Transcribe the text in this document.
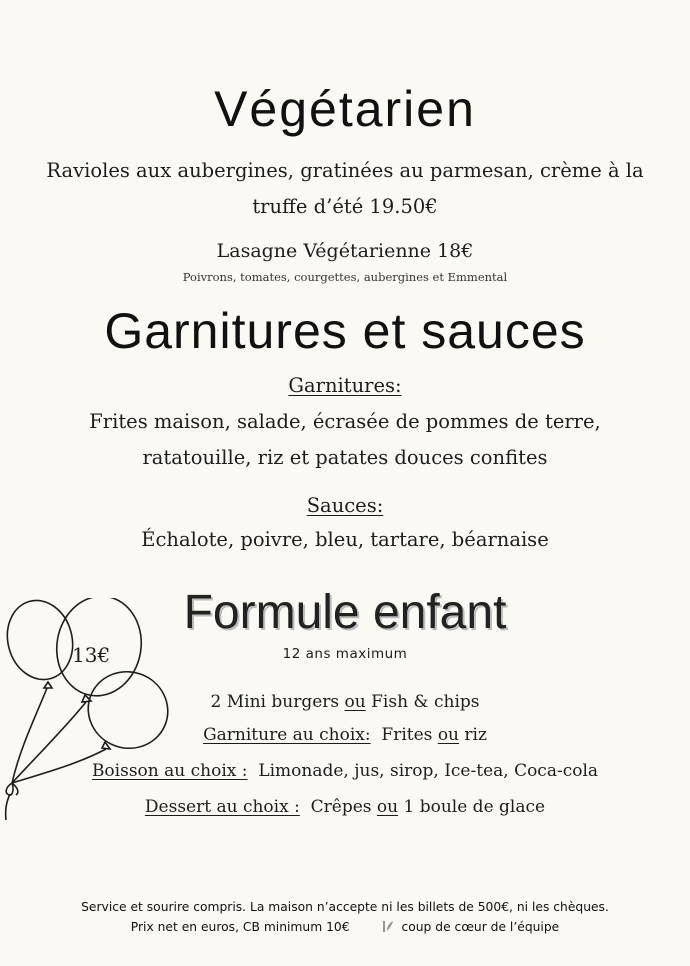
Végétarien
Ravioles aux aubergines, gratinées au parmesan, crème à la
truffe d’été 19.50€
Lasagne Végétarienne 18€
Poivrons, tomates, courgettes, aubergines et Emmental
Garnitures et sauces
Garnitures:
Frites maison, salade, écrasée de pommes de terre,
ratatouille, riz et patates douces confites
Sauces:
Échalote, poivre, bleu, tartare, béarnaise
13€
Formule enfant
12 ans maximum
2 Mini burgers ou Fish & chips
Garniture au choix: Frites ou riz
Boisson au choix : Limonade, jus, sirop, Ice-tea, Coca-cola
Dessert au choix : Crêpes ou 1 boule de glace
Service et sourire compris. La maison n’accepte ni les billets de 500€, ni les chèques.
Prix net en euros, CB minimum 10€	coup de cœur de l’équipe
